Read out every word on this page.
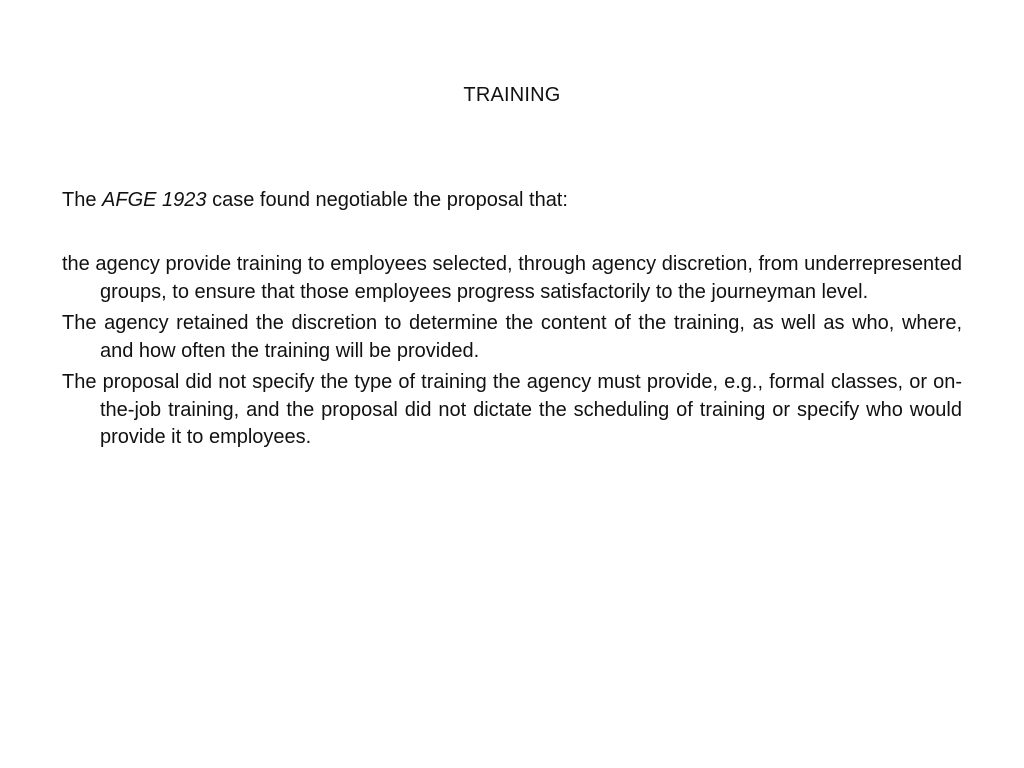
TRAINING
The AFGE 1923 case found negotiable the proposal that:

the agency provide training to employees selected, through agency discretion, from underrepresented groups, to ensure that those employees progress satisfactorily to the journeyman level.

The agency retained the discretion to determine the content of the training, as well as who, where, and how often the training will be provided.

The proposal did not specify the type of training the agency must provide, e.g., formal classes, or on-the-job training, and the proposal did not dictate the scheduling of training or specify who would provide it to employees.
